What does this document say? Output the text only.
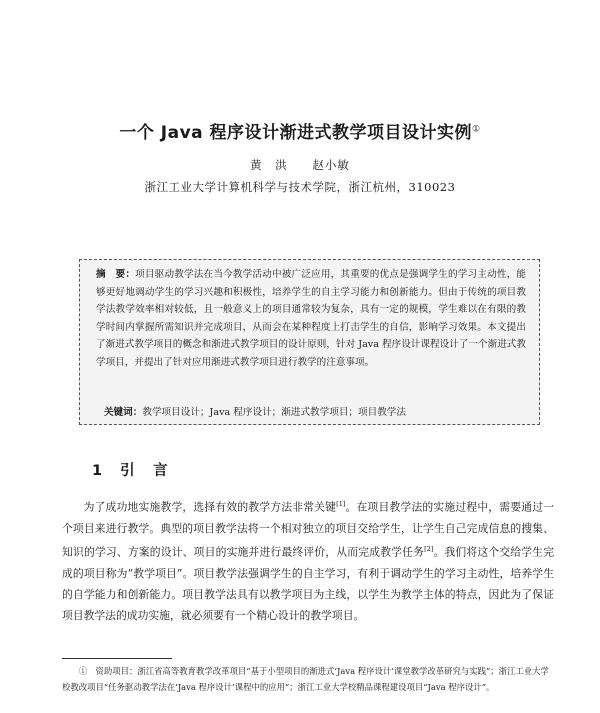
一个 Java 程序设计渐进式教学项目设计实例①
黄　洪 赵小敏
浙江工业大学计算机科学与技术学院，浙江杭州，310023
摘　要：项目驱动教学法在当今教学活动中被广泛应用，其重要的优点是强调学生的学习主动性，能够更好地调动学生的学习兴趣和积极性，培养学生的自主学习能力和创新能力。但由于传统的项目教学法教学效率相对较低，且一般意义上的项目通常较为复杂，具有一定的规模，学生难以在有限的教学时间内掌握所需知识并完成项目，从而会在某种程度上打击学生的自信，影响学习效果。本文提出了渐进式教学项目的概念和渐进式教学项目的设计原则，针对 Java 程序设计课程设计了一个渐进式教学项目，并提出了针对应用渐进式教学项目进行教学的注意事项。
关键词：教学项目设计；Java 程序设计；渐进式教学项目；项目教学法
1 引　言

为了成功地实施教学，选择有效的教学方法非常关键[1]。在项目教学法的实施过程中，需要通过一个项目来进行教学。典型的项目教学法将一个相对独立的项目交给学生，让学生自己完成信息的搜集、知识的学习、方案的设计、项目的实施并进行最终评价，从而完成教学任务[2]。我们将这个交给学生完成的项目称为“教学项目”。项目教学法强调学生的自主学习，有利于调动学生的学习主动性，培养学生的自学能力和创新能力。项目教学法具有以教学项目为主线，以学生为教学主体的特点，因此为了保证项目教学法的成功实施，就必须要有一个精心设计的教学项目。

①　 资助项目：浙江省高等教育教学改革项目“基于小型项目的渐进式‘Java 程序设计’课堂教学改革研究与实践”；浙江工业大学校教改项目“任务驱动教学法在‘Java 程序设计’课程中的应用”；浙江工业大学校精品课程建设项目“Java 程序设计”。
